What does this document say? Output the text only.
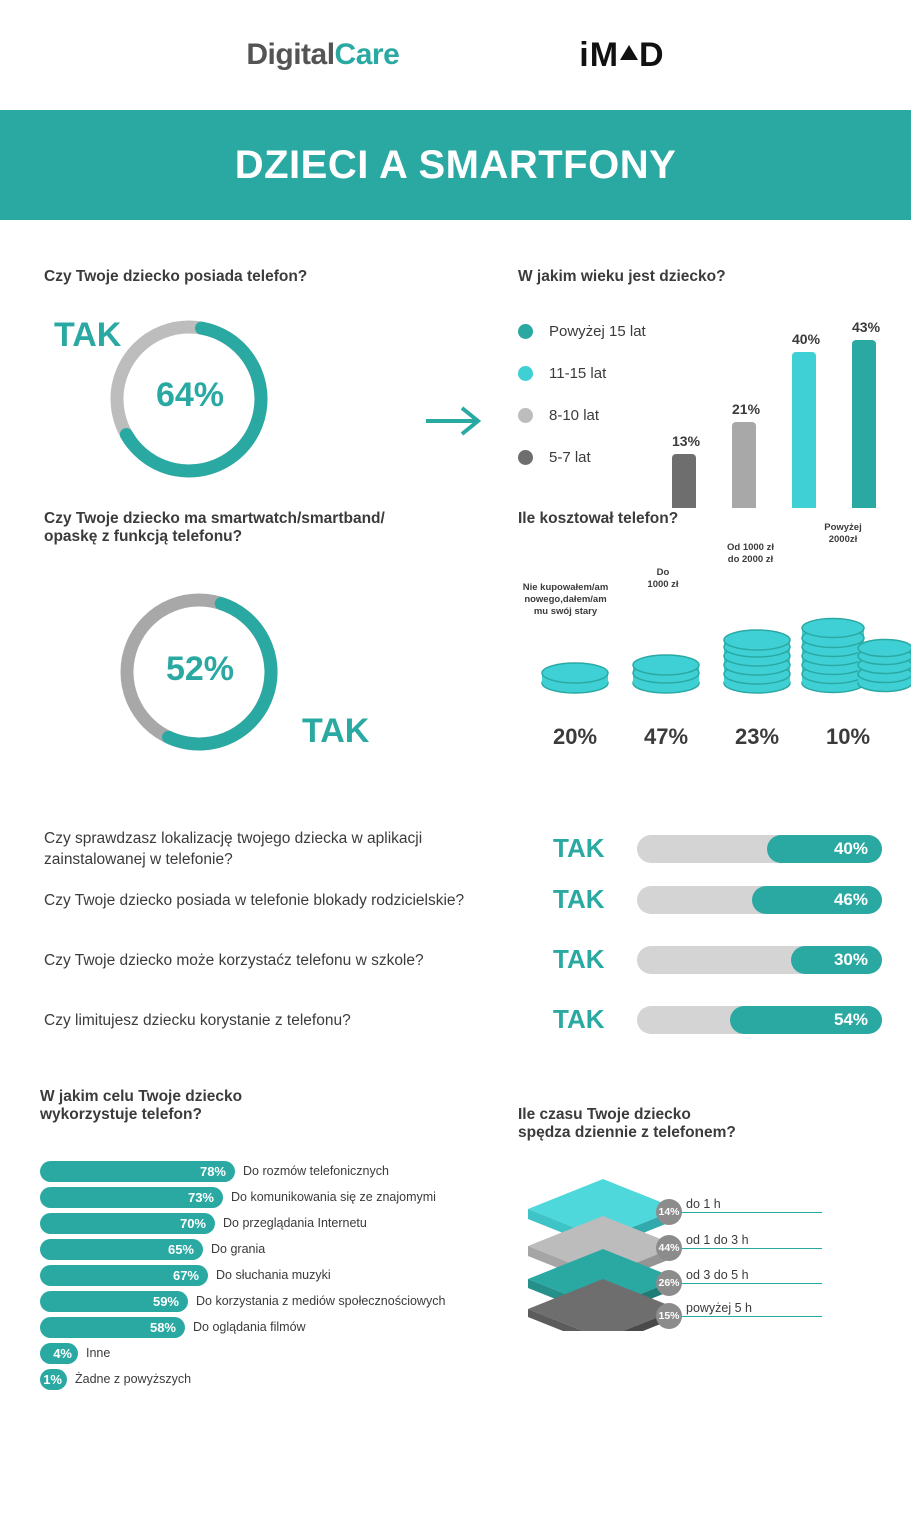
DigitalCare	iM D
DZIECI A SMARTFONY
Czy Twoje dziecko posiada telefon?
TAK
64%
W jakim wieku jest dziecko?
Powyżej 15 lat
11-15 lat
8-10 lat
5-7 lat
13%
21%
40%
43%
Czy Twoje dziecko ma smartwatch/smartband/
opaskę z funkcją telefonu?
52%
TAK
Ile kosztował telefon?
Nie kupowałem/am
nowego,dałem/am
mu swój stary
Do
1000 zł
Od 1000 zł
do 2000 zł
Powyżej
2000zł
20%	47%	23%	10%
Czy sprawdzasz lokalizację twojego dziecka w aplikacji
zainstalowanej w telefonie?	TAK	40%
Czy Twoje dziecko posiada w telefonie blokady rodzicielskie?	TAK	46%
Czy Twoje dziecko może korzystaćz telefonu w szkole?	TAK	30%
Czy limitujesz dziecku korystanie z telefonu?	TAK	54%
W jakim celu Twoje dziecko
wykorzystuje telefon?
78%	Do rozmów telefonicznych
73%	Do komunikowania się ze znajomymi
70%	Do przeglądania Internetu
65%	Do grania
67%	Do słuchania muzyki
59%	Do korzystania z mediów społecznościowych
58%	Do oglądania filmów
4%	Inne
1%	Żadne z powyższych
Ile czasu Twoje dziecko
spędza dziennie z telefonem?
14%
do 1 h
44%
od 1 do 3 h
26%
od 3 do 5 h
15%
powyżej 5 h
